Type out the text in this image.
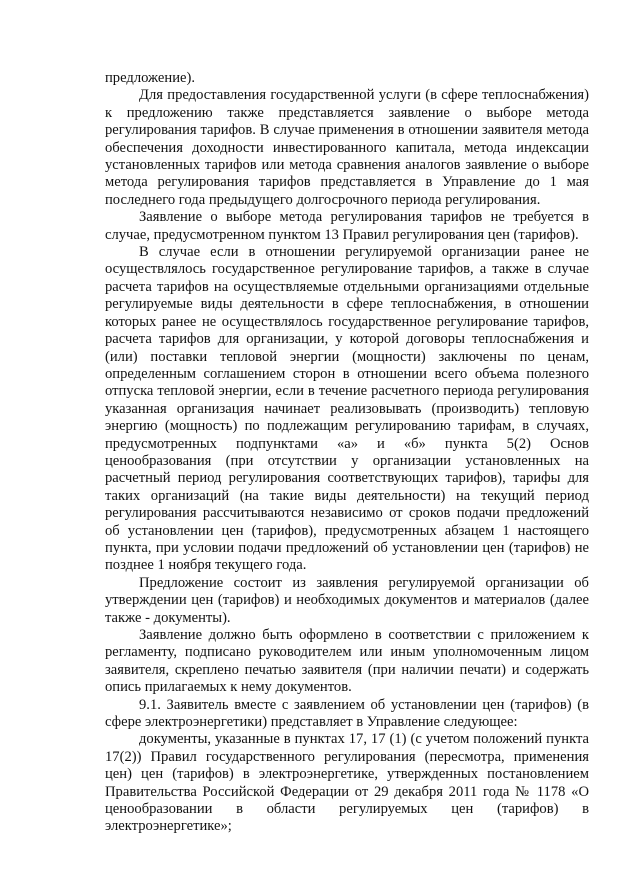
предложение).

Для предоставления государственной услуги (в сфере теплоснабжения) к предложению также представляется заявление о выборе метода регулирования тарифов. В случае применения в отношении заявителя метода обеспечения доходности инвестированного капитала, метода индексации установленных тарифов или метода сравнения аналогов заявление о выборе метода регулирования тарифов представляется в Управление до 1 мая последнего года предыдущего долгосрочного периода регулирования.

Заявление о выборе метода регулирования тарифов не требуется в случае, предусмотренном пунктом 13 Правил регулирования цен (тарифов).

В случае если в отношении регулируемой организации ранее не осуществлялось государственное регулирование тарифов, а также в случае расчета тарифов на осуществляемые отдельными организациями отдельные регулируемые виды деятельности в сфере теплоснабжения, в отношении которых ранее не осуществлялось государственное регулирование тарифов, расчета тарифов для организации, у которой договоры теплоснабжения и (или) поставки тепловой энергии (мощности) заключены по ценам, определенным соглашением сторон в отношении всего объема полезного отпуска тепловой энергии, если в течение расчетного периода регулирования указанная организация начинает реализовывать (производить) тепловую энергию (мощность) по подлежащим регулированию тарифам, в случаях, предусмотренных подпунктами «а» и «б» пункта 5(2) Основ ценообразования (при отсутствии у организации установленных на расчетный период регулирования соответствующих тарифов), тарифы для таких организаций (на такие виды деятельности) на текущий период регулирования рассчитываются независимо от сроков подачи предложений об установлении цен (тарифов), предусмотренных абзацем 1 настоящего пункта, при условии подачи предложений об установлении цен (тарифов) не позднее 1 ноября текущего года.

Предложение состоит из заявления регулируемой организации об утверждении цен (тарифов) и необходимых документов и материалов (далее также - документы).

Заявление должно быть оформлено в соответствии с приложением к регламенту, подписано руководителем или иным уполномоченным лицом заявителя, скреплено печатью заявителя (при наличии печати) и содержать опись прилагаемых к нему документов.

9.1. Заявитель вместе с заявлением об установлении цен (тарифов) (в сфере электроэнергетики) представляет в Управление следующее:

документы, указанные в пунктах 17, 17 (1) (с учетом положений пункта 17(2)) Правил государственного регулирования (пересмотра, применения цен) цен (тарифов) в электроэнергетике, утвержденных постановлением Правительства Российской Федерации от 29 декабря 2011 года № 1178 «О ценообразовании в области регулируемых цен (тарифов) в электроэнергетике»;
